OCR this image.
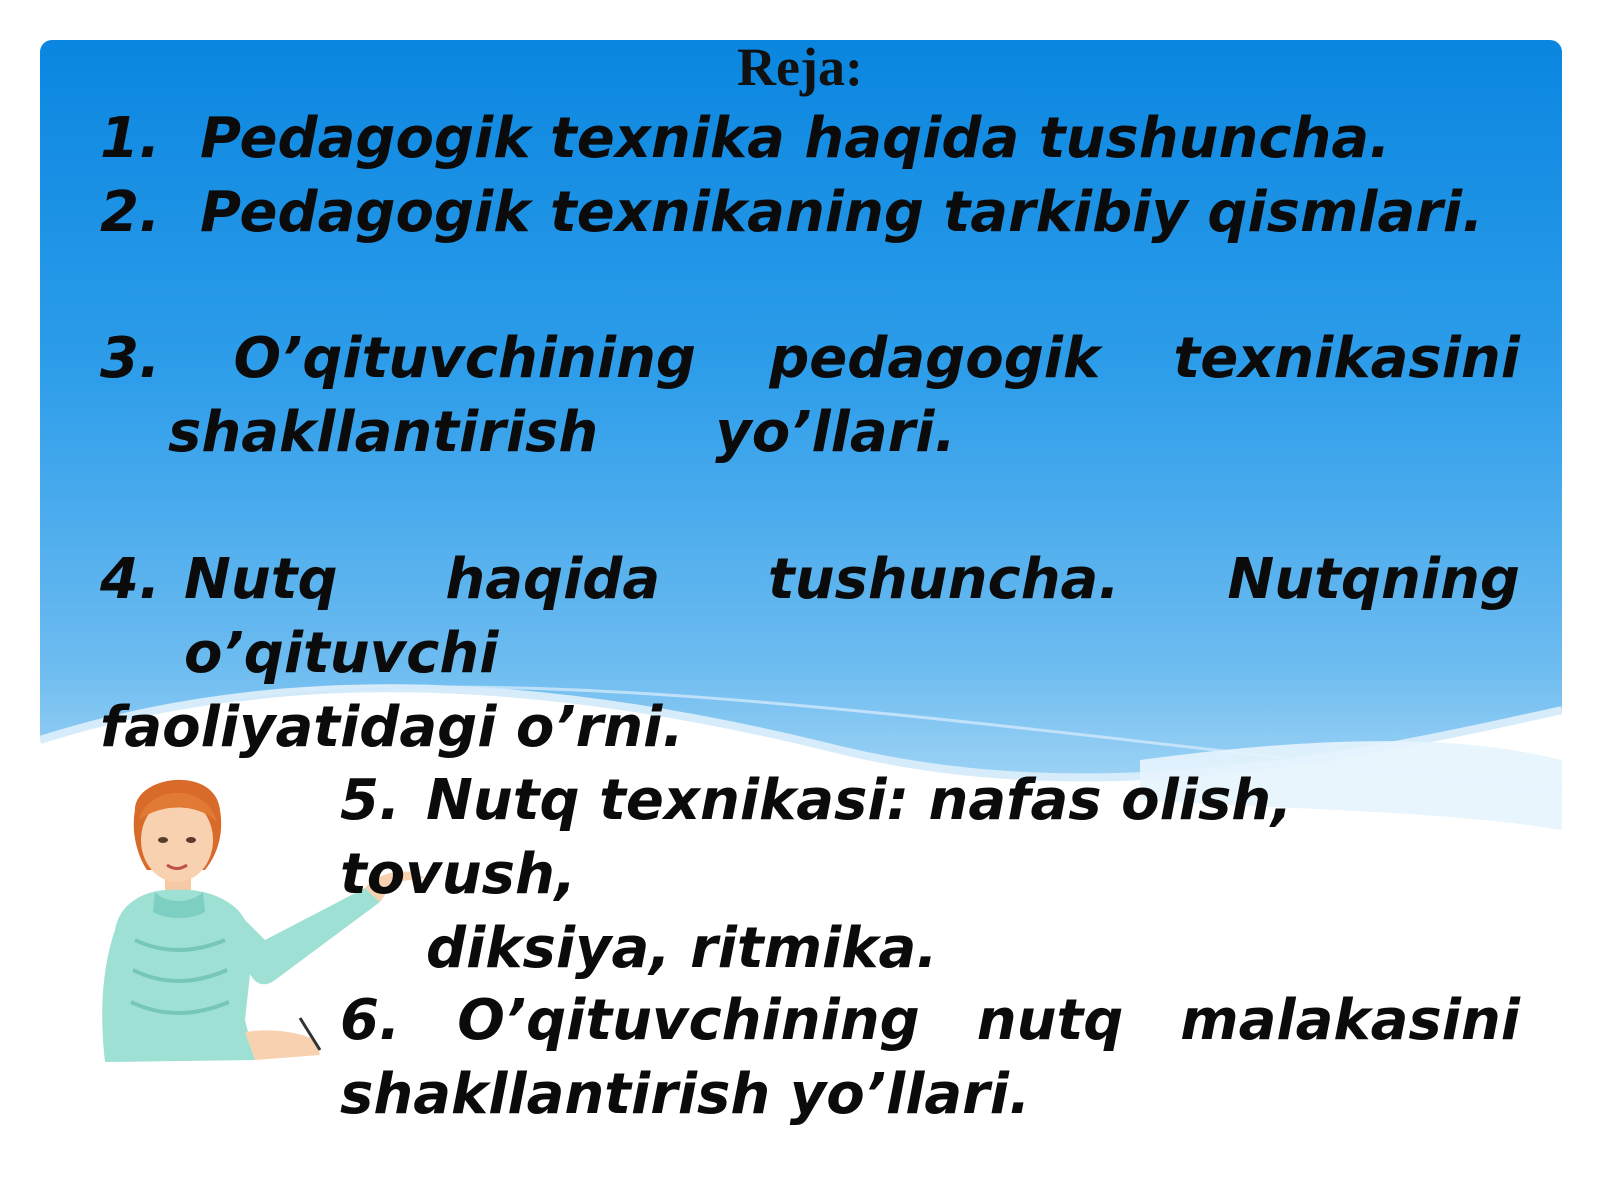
Reja:

1. Pedagogik texnika haqida tushuncha.

2. Pedagogik texnikaning tarkibiy qismlari.

3. O’qituvchining pedagogik texnikasini
shakllantirish      yo’llari.
4. Nutq haqida tushuncha. Nutqning o’qituvchi
faoliyatidagi o’rni.

5. Nutq texnikasi: nafas olish, tovush,
diksiya, ritmika.

6. O’qituvchining nutq malakasini
shakllantirish yo’llari.
